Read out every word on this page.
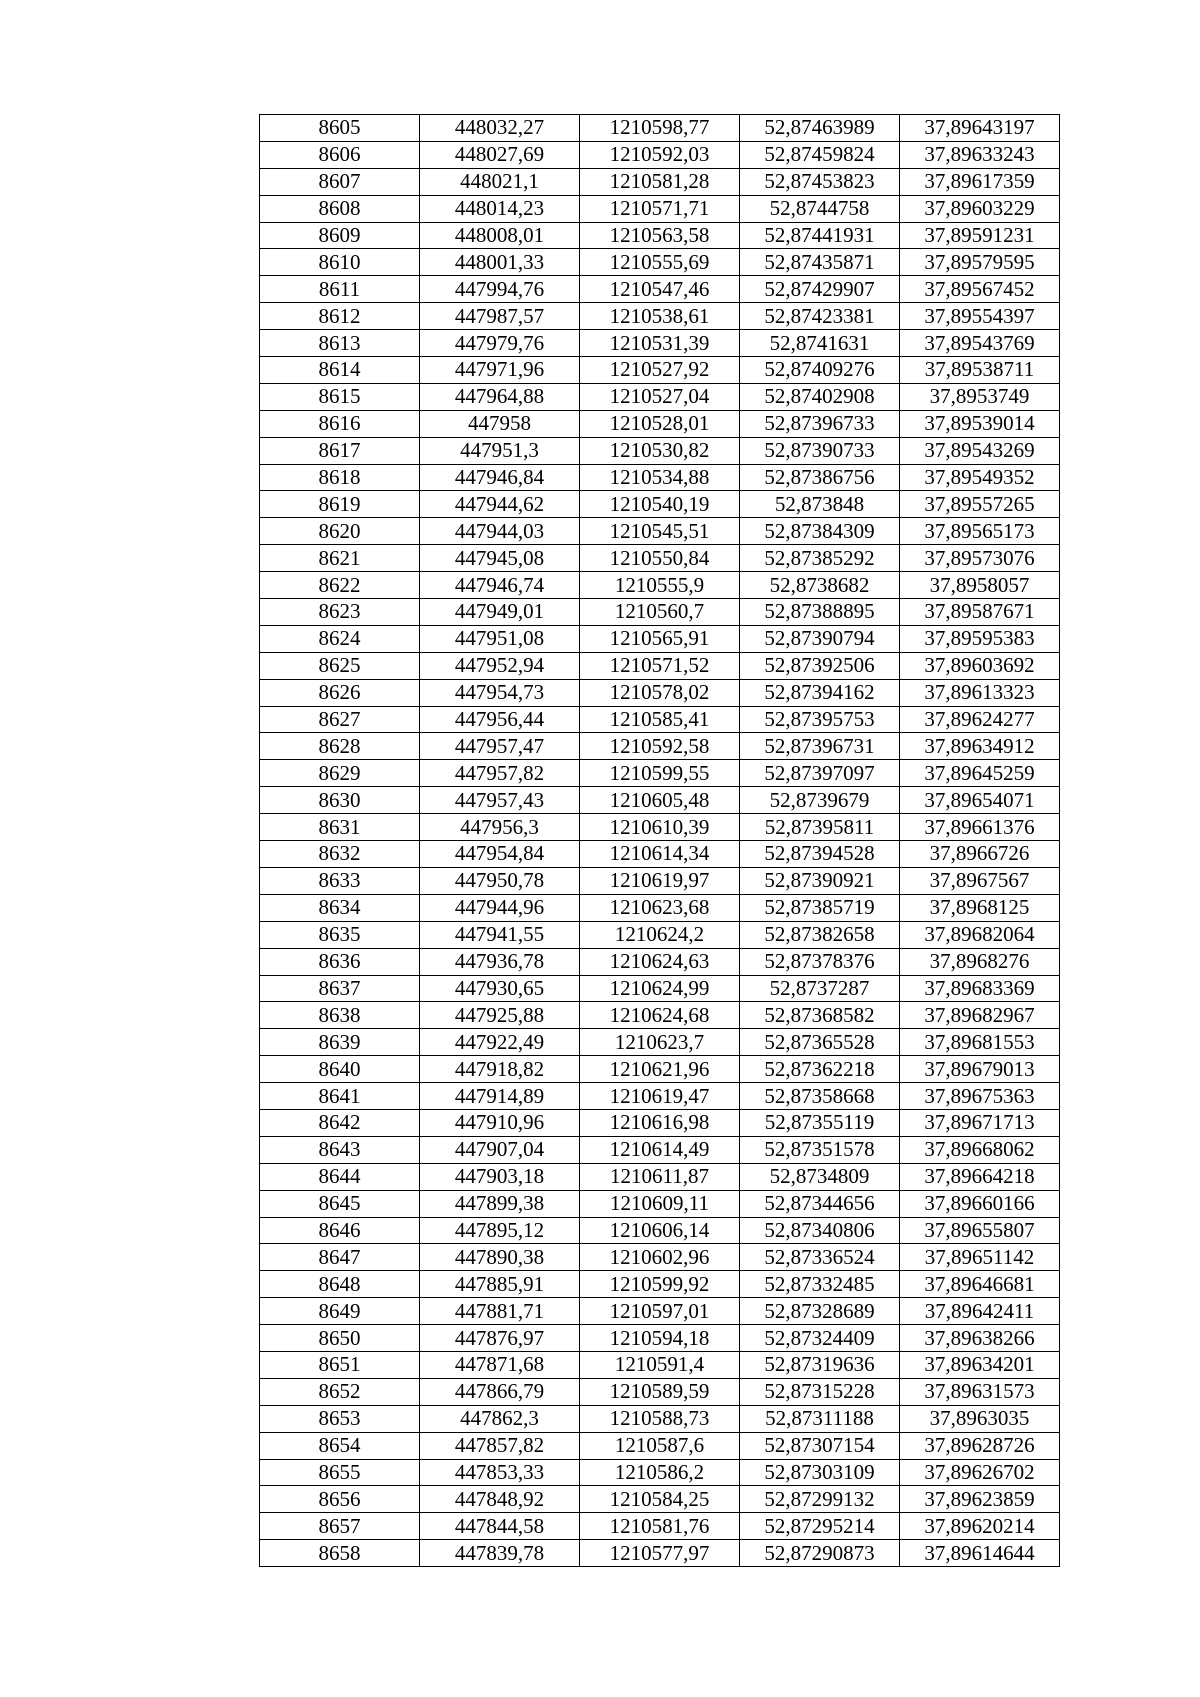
8605	448032,27	1210598,77	52,87463989	37,89643197
8606	448027,69	1210592,03	52,87459824	37,89633243
8607	448021,1	1210581,28	52,87453823	37,89617359
8608	448014,23	1210571,71	52,8744758	37,89603229
8609	448008,01	1210563,58	52,87441931	37,89591231
8610	448001,33	1210555,69	52,87435871	37,89579595
8611	447994,76	1210547,46	52,87429907	37,89567452
8612	447987,57	1210538,61	52,87423381	37,89554397
8613	447979,76	1210531,39	52,8741631	37,89543769
8614	447971,96	1210527,92	52,87409276	37,89538711
8615	447964,88	1210527,04	52,87402908	37,8953749
8616	447958	1210528,01	52,87396733	37,89539014
8617	447951,3	1210530,82	52,87390733	37,89543269
8618	447946,84	1210534,88	52,87386756	37,89549352
8619	447944,62	1210540,19	52,873848	37,89557265
8620	447944,03	1210545,51	52,87384309	37,89565173
8621	447945,08	1210550,84	52,87385292	37,89573076
8622	447946,74	1210555,9	52,8738682	37,8958057
8623	447949,01	1210560,7	52,87388895	37,89587671
8624	447951,08	1210565,91	52,87390794	37,89595383
8625	447952,94	1210571,52	52,87392506	37,89603692
8626	447954,73	1210578,02	52,87394162	37,89613323
8627	447956,44	1210585,41	52,87395753	37,89624277
8628	447957,47	1210592,58	52,87396731	37,89634912
8629	447957,82	1210599,55	52,87397097	37,89645259
8630	447957,43	1210605,48	52,8739679	37,89654071
8631	447956,3	1210610,39	52,87395811	37,89661376
8632	447954,84	1210614,34	52,87394528	37,8966726
8633	447950,78	1210619,97	52,87390921	37,8967567
8634	447944,96	1210623,68	52,87385719	37,8968125
8635	447941,55	1210624,2	52,87382658	37,89682064
8636	447936,78	1210624,63	52,87378376	37,8968276
8637	447930,65	1210624,99	52,8737287	37,89683369
8638	447925,88	1210624,68	52,87368582	37,89682967
8639	447922,49	1210623,7	52,87365528	37,89681553
8640	447918,82	1210621,96	52,87362218	37,89679013
8641	447914,89	1210619,47	52,87358668	37,89675363
8642	447910,96	1210616,98	52,87355119	37,89671713
8643	447907,04	1210614,49	52,87351578	37,89668062
8644	447903,18	1210611,87	52,8734809	37,89664218
8645	447899,38	1210609,11	52,87344656	37,89660166
8646	447895,12	1210606,14	52,87340806	37,89655807
8647	447890,38	1210602,96	52,87336524	37,89651142
8648	447885,91	1210599,92	52,87332485	37,89646681
8649	447881,71	1210597,01	52,87328689	37,89642411
8650	447876,97	1210594,18	52,87324409	37,89638266
8651	447871,68	1210591,4	52,87319636	37,89634201
8652	447866,79	1210589,59	52,87315228	37,89631573
8653	447862,3	1210588,73	52,87311188	37,8963035
8654	447857,82	1210587,6	52,87307154	37,89628726
8655	447853,33	1210586,2	52,87303109	37,89626702
8656	447848,92	1210584,25	52,87299132	37,89623859
8657	447844,58	1210581,76	52,87295214	37,89620214
8658	447839,78	1210577,97	52,87290873	37,89614644
